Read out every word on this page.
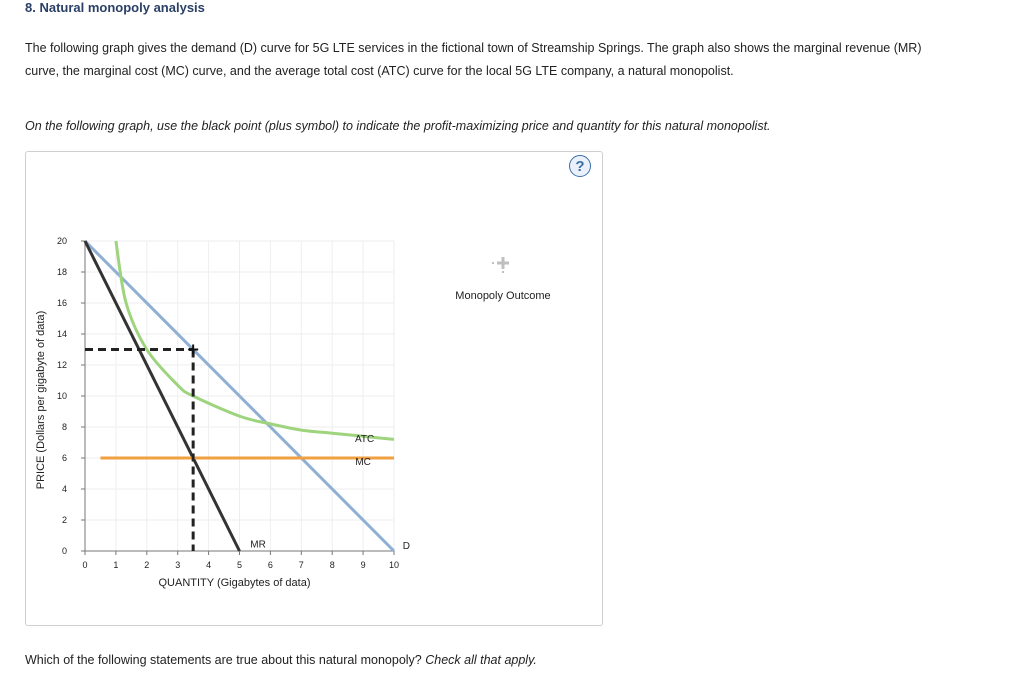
8. Natural monopoly analysis
The following graph gives the demand (D) curve for 5G LTE services in the fictional town of Streamship Springs. The graph also shows the marginal revenue (MR) curve, the marginal cost (MC) curve, and the average total cost (ATC) curve for the local 5G LTE company, a natural monopolist.
On the following graph, use the black point (plus symbol) to indicate the profit-maximizing price and quantity for this natural monopolist.
?
0	1	2	3	4	5	6	7	8	9	10
0
2
4
6
8
10
12
14
16
18
20
QUANTITY (Gigabytes of data)
PRICE (Dollars per gigabyte of data)
MR	D
ATC
MC
Monopoly Outcome
Which of the following statements are true about this natural monopoly? Check all that apply.
